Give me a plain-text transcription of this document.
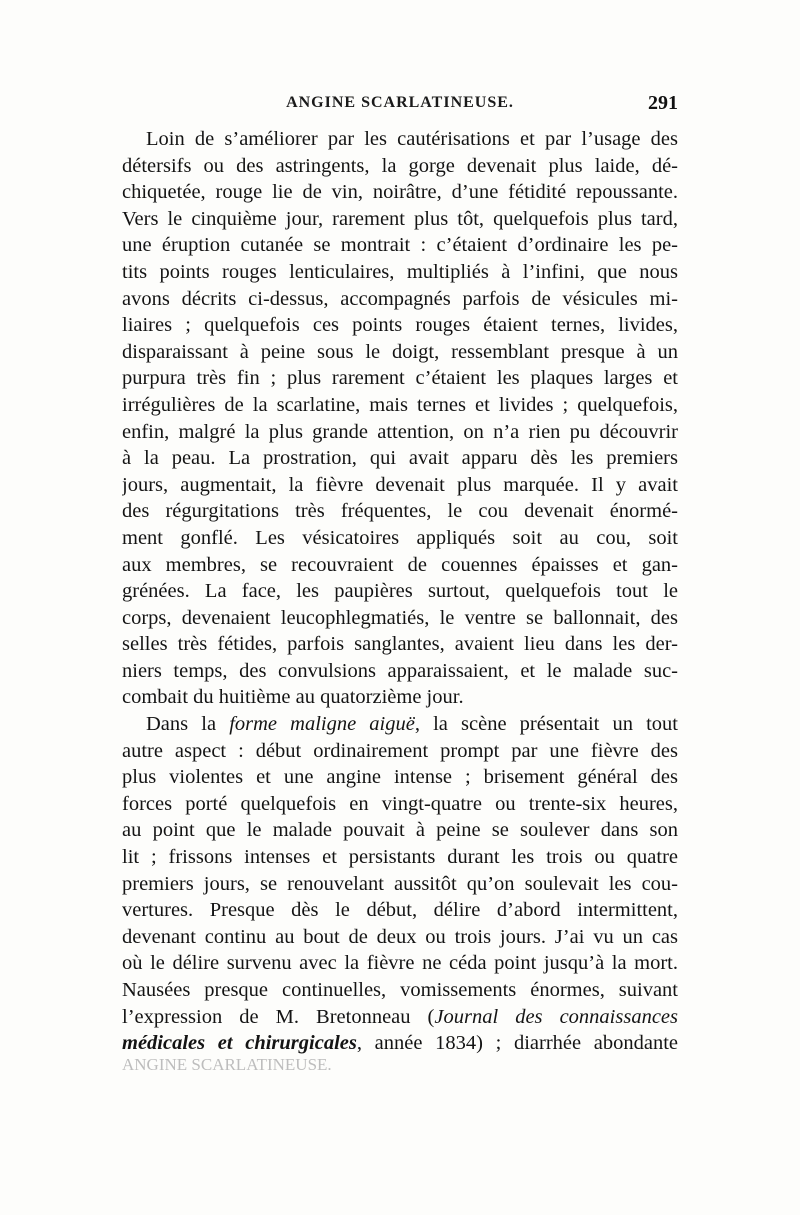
ANGINE SCARLATINEUSE.	291
Loin de s’améliorer par les cautérisations et par l’usage des
détersifs ou des astringents, la gorge devenait plus laide, dé-
chiquetée, rouge lie de vin, noirâtre, d’une fétidité repoussante.
Vers le cinquième jour, rarement plus tôt, quelquefois plus tard,
une éruption cutanée se montrait : c’étaient d’ordinaire les pe-
tits points rouges lenticulaires, multipliés à l’infini, que nous
avons décrits ci-dessus, accompagnés parfois de vésicules mi-
liaires ; quelquefois ces points rouges étaient ternes, livides,
disparaissant à peine sous le doigt, ressemblant presque à un
purpura très fin ; plus rarement c’étaient les plaques larges et
irrégulières de la scarlatine, mais ternes et livides ; quelquefois,
enfin, malgré la plus grande attention, on n’a rien pu découvrir
à la peau. La prostration, qui avait apparu dès les premiers
jours, augmentait, la fièvre devenait plus marquée. Il y avait
des régurgitations très fréquentes, le cou devenait énormé-
ment gonflé. Les vésicatoires appliqués soit au cou, soit
aux membres, se recouvraient de couennes épaisses et gan-
grénées. La face, les paupières surtout, quelquefois tout le
corps, devenaient leucophlegmatiés, le ventre se ballonnait, des
selles très fétides, parfois sanglantes, avaient lieu dans les der-
niers temps, des convulsions apparaissaient, et le malade suc-
combait du huitième au quatorzième jour.
Dans la forme maligne aiguë, la scène présentait un tout
autre aspect : début ordinairement prompt par une fièvre des
plus violentes et une angine intense ; brisement général des
forces porté quelquefois en vingt-quatre ou trente-six heures,
au point que le malade pouvait à peine se soulever dans son
lit ; frissons intenses et persistants durant les trois ou quatre
premiers jours, se renouvelant aussitôt qu’on soulevait les cou-
vertures. Presque dès le début, délire d’abord intermittent,
devenant continu au bout de deux ou trois jours. J’ai vu un cas
où le délire survenu avec la fièvre ne céda point jusqu’à la mort.
Nausées presque continuelles, vomissements énormes, suivant
l’expression de M. Bretonneau (Journal des connaissances
médicales et chirurgicales, année 1834) ; diarrhée abondante
ANGINE SCARLATINEUSE.
